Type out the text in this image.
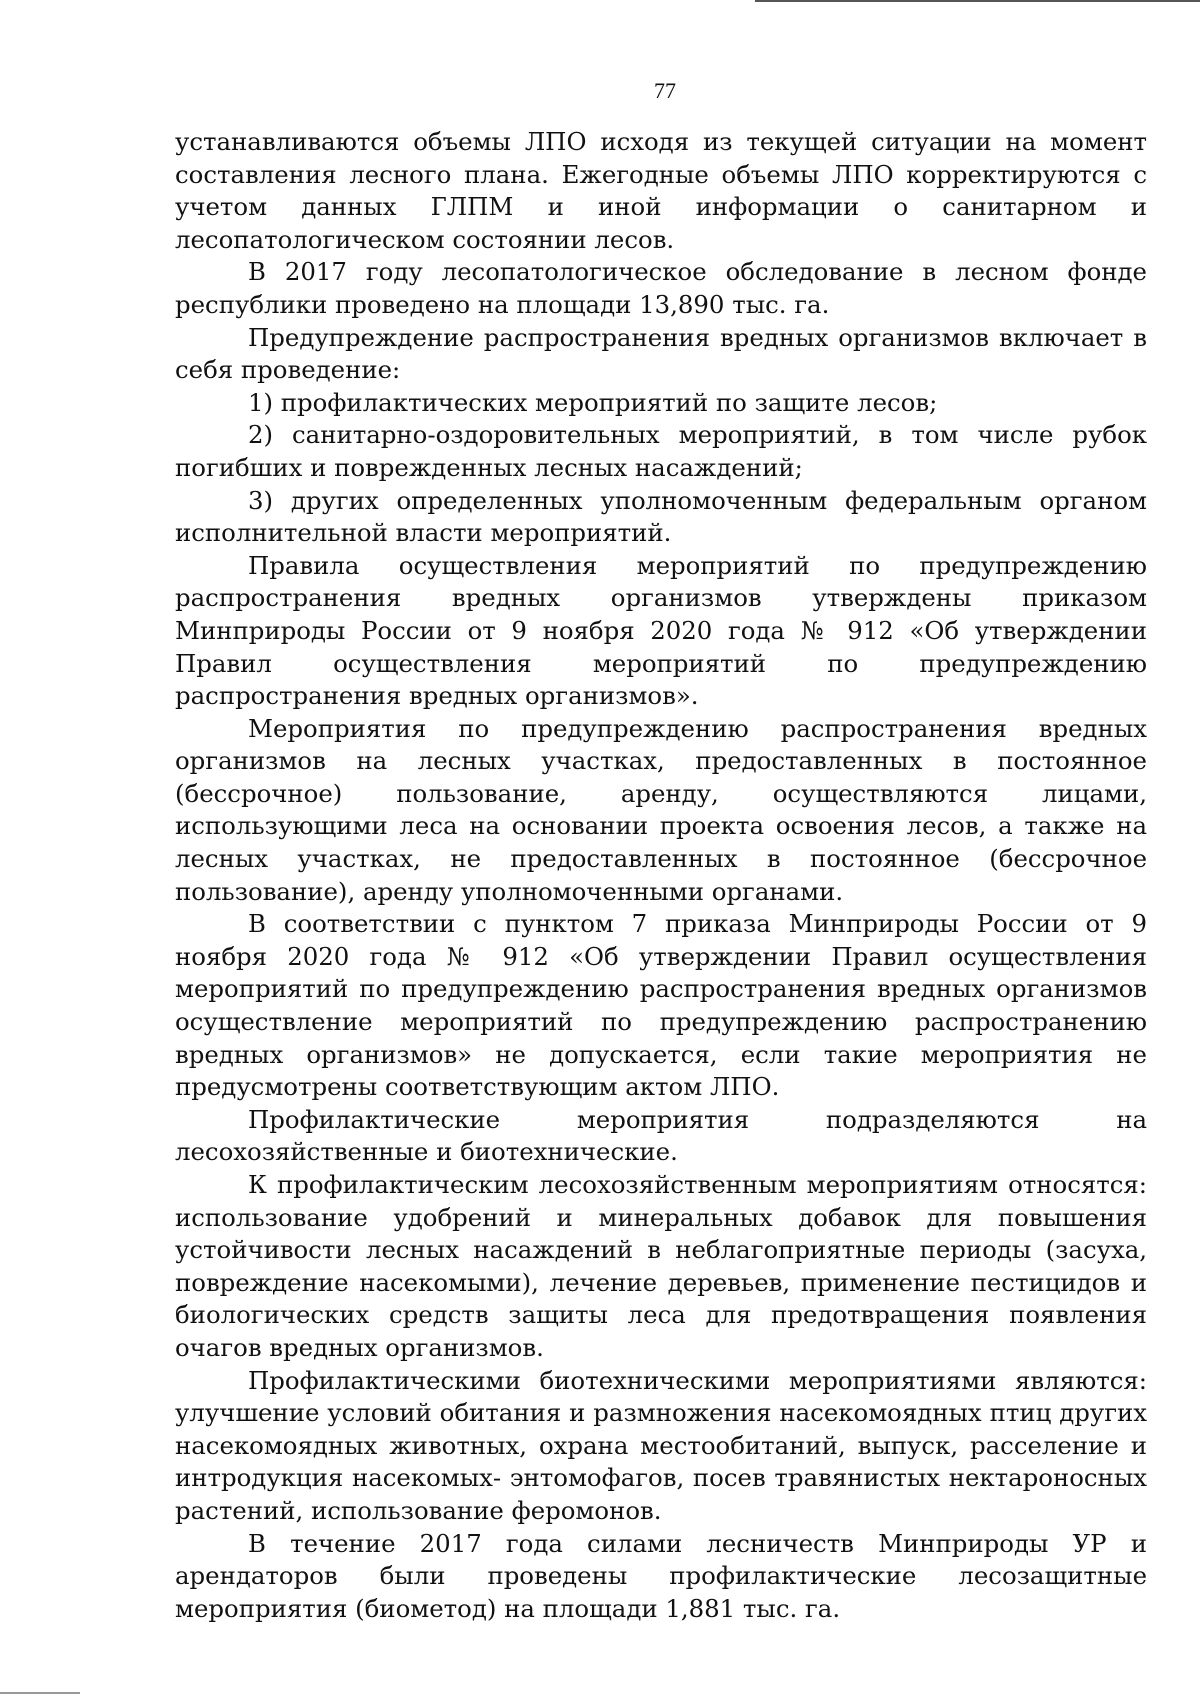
77

устанавливаются объемы ЛПО исходя из текущей ситуации на момент составления лесного плана. Ежегодные объемы ЛПО корректируются с учетом данных ГЛПМ и иной информации о санитарном и лесопатологическом состоянии лесов.

В 2017 году лесопатологическое обследование в лесном фонде республики проведено на площади 13,890 тыс. га.

Предупреждение распространения вредных организмов включает в себя проведение:

1) профилактических мероприятий по защите лесов;

2) санитарно-оздоровительных мероприятий, в том числе рубок погибших и поврежденных лесных насаждений;

3) других определенных уполномоченным федеральным органом исполнительной власти мероприятий.

Правила осуществления мероприятий по предупреждению распространения вредных организмов утверждены приказом Минприроды России от 9 ноября 2020 года № 912 «Об утверждении Правил осуществления мероприятий по предупреждению распространения вредных организмов».

Мероприятия по предупреждению распространения вредных организмов на лесных участках, предоставленных в постоянное (бессрочное) пользование, аренду, осуществляются лицами, использующими леса на основании проекта освоения лесов, а также на лесных участках, не предоставленных в постоянное (бессрочное пользование), аренду уполномоченными органами.

В соответствии с пунктом 7 приказа Минприроды России от 9 ноября 2020 года № 912 «Об утверждении Правил осуществления мероприятий по предупреждению распространения вредных организмов осуществление мероприятий по предупреждению распространению вредных организмов» не допускается, если такие мероприятия не предусмотрены соответствующим актом ЛПО.

Профилактические мероприятия подразделяются на лесохозяйственные и биотехнические.

К профилактическим лесохозяйственным мероприятиям относятся: использование удобрений и минеральных добавок для повышения устойчивости лесных насаждений в неблагоприятные периоды (засуха, повреждение насекомыми), лечение деревьев, применение пестицидов и биологических средств защиты леса для предотвращения появления очагов вредных организмов.

Профилактическими биотехническими мероприятиями являются: улучшение условий обитания и размножения насекомоядных птиц других насекомоядных животных, охрана местообитаний, выпуск, расселение и интродукция насекомых- энтомофагов, посев травянистых нектароносных растений, использование феромонов.

В течение 2017 года силами лесничеств Минприроды УР и арендаторов были проведены профилактические лесозащитные мероприятия (биометод) на площади 1,881 тыс. га.
